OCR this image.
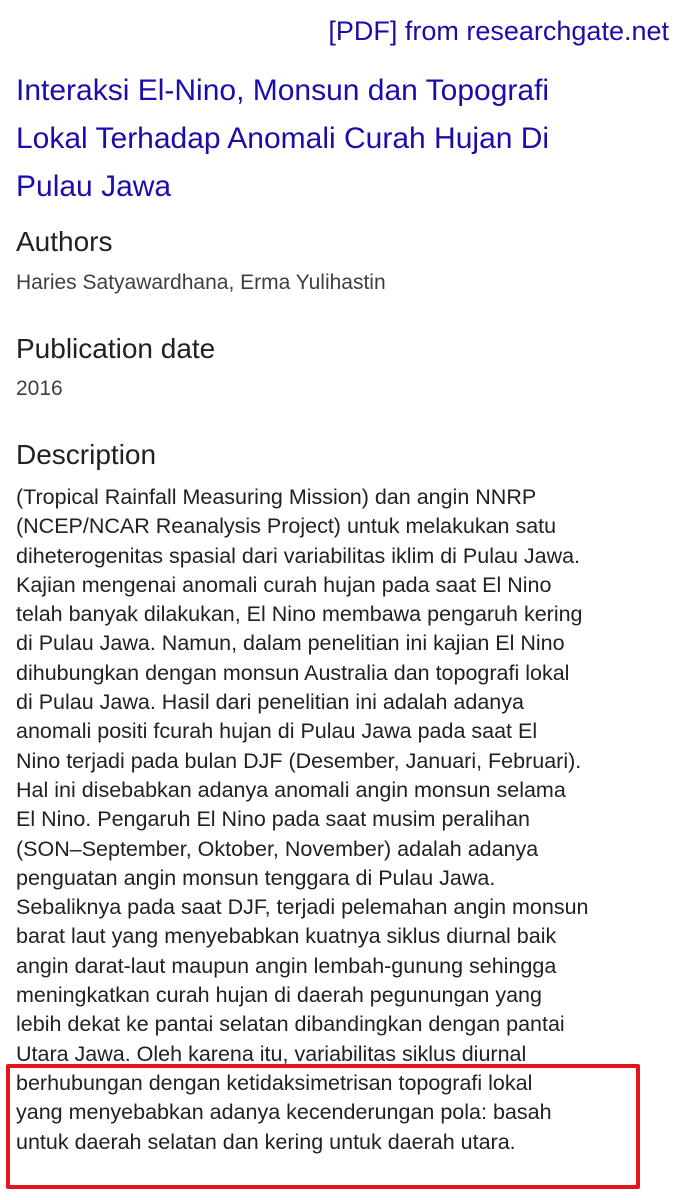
[PDF] from researchgate.net
Interaksi El-Nino, Monsun dan Topografi
Lokal Terhadap Anomali Curah Hujan Di
Pulau Jawa
Authors
Haries Satyawardhana, Erma Yulihastin
Publication date
2016
Description
(Tropical Rainfall Measuring Mission) dan angin NNRP
(NCEP/NCAR Reanalysis Project) untuk melakukan satu
diheterogenitas spasial dari variabilitas iklim di Pulau Jawa.
Kajian mengenai anomali curah hujan pada saat El Nino
telah banyak dilakukan, El Nino membawa pengaruh kering
di Pulau Jawa. Namun, dalam penelitian ini kajian El Nino
dihubungkan dengan monsun Australia dan topografi lokal
di Pulau Jawa. Hasil dari penelitian ini adalah adanya
anomali positi fcurah hujan di Pulau Jawa pada saat El
Nino terjadi pada bulan DJF (Desember, Januari, Februari).
Hal ini disebabkan adanya anomali angin monsun selama
El Nino. Pengaruh El Nino pada saat musim peralihan
(SON–September, Oktober, November) adalah adanya
penguatan angin monsun tenggara di Pulau Jawa.
Sebaliknya pada saat DJF, terjadi pelemahan angin monsun
barat laut yang menyebabkan kuatnya siklus diurnal baik
angin darat-laut maupun angin lembah-gunung sehingga
meningkatkan curah hujan di daerah pegunungan yang
lebih dekat ke pantai selatan dibandingkan dengan pantai
Utara Jawa. Oleh karena itu, variabilitas siklus diurnal
berhubungan dengan ketidaksimetrisan topografi lokal
yang menyebabkan adanya kecenderungan pola: basah
untuk daerah selatan dan kering untuk daerah utara.
